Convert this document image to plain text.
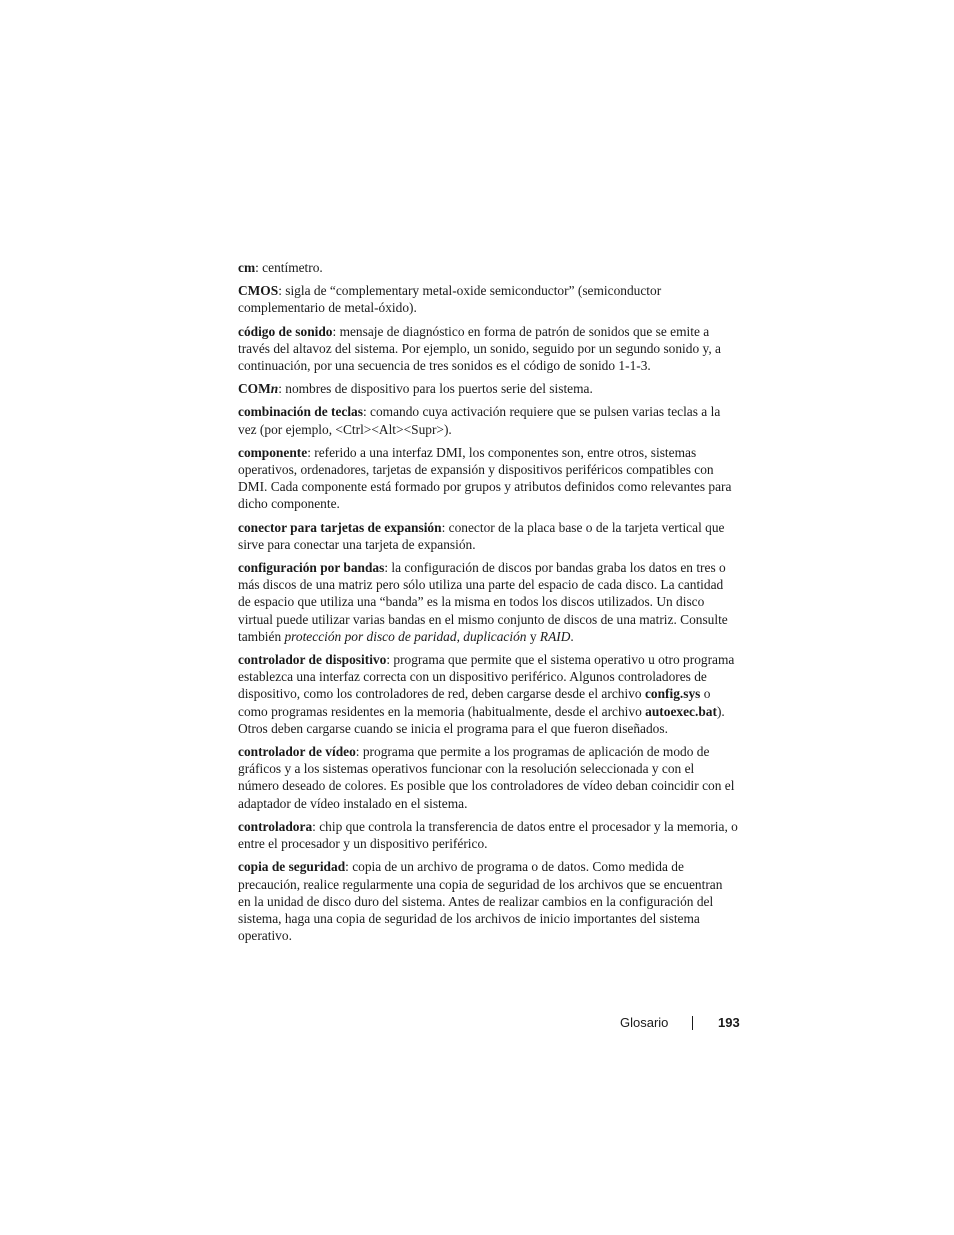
cm: centímetro.

CMOS: sigla de “complementary metal-oxide semiconductor” (semiconductor complementario de metal-óxido).

código de sonido: mensaje de diagnóstico en forma de patrón de sonidos que se emite a través del altavoz del sistema. Por ejemplo, un sonido, seguido por un segundo sonido y, a continuación, por una secuencia de tres sonidos es el código de sonido 1-1-3.

COMn: nombres de dispositivo para los puertos serie del sistema.

combinación de teclas: comando cuya activación requiere que se pulsen varias teclas a la vez (por ejemplo, <Ctrl><Alt><Supr>).

componente: referido a una interfaz DMI, los componentes son, entre otros, sistemas operativos, ordenadores, tarjetas de expansión y dispositivos periféricos compatibles con DMI. Cada componente está formado por grupos y atributos definidos como relevantes para dicho componente.

conector para tarjetas de expansión: conector de la placa base o de la tarjeta vertical que sirve para conectar una tarjeta de expansión.

configuración por bandas: la configuración de discos por bandas graba los datos en tres o más discos de una matriz pero sólo utiliza una parte del espacio de cada disco. La cantidad de espacio que utiliza una “banda” es la misma en todos los discos utilizados. Un disco virtual puede utilizar varias bandas en el mismo conjunto de discos de una matriz. Consulte también protección por disco de paridad, duplicación y RAID.

controlador de dispositivo: programa que permite que el sistema operativo u otro programa establezca una interfaz correcta con un dispositivo periférico. Algunos controladores de dispositivo, como los controladores de red, deben cargarse desde el archivo config.sys o como programas residentes en la memoria (habitualmente, desde el archivo autoexec.bat). Otros deben cargarse cuando se inicia el programa para el que fueron diseñados.

controlador de vídeo: programa que permite a los programas de aplicación de modo de gráficos y a los sistemas operativos funcionar con la resolución seleccionada y con el número deseado de colores. Es posible que los controladores de vídeo deban coincidir con el adaptador de vídeo instalado en el sistema.

controladora: chip que controla la transferencia de datos entre el procesador y la memoria, o entre el procesador y un dispositivo periférico.

copia de seguridad: copia de un archivo de programa o de datos. Como medida de precaución, realice regularmente una copia de seguridad de los archivos que se encuentran en la unidad de disco duro del sistema. Antes de realizar cambios en la configuración del sistema, haga una copia de seguridad de los archivos de inicio importantes del sistema operativo.

Glosario	193
